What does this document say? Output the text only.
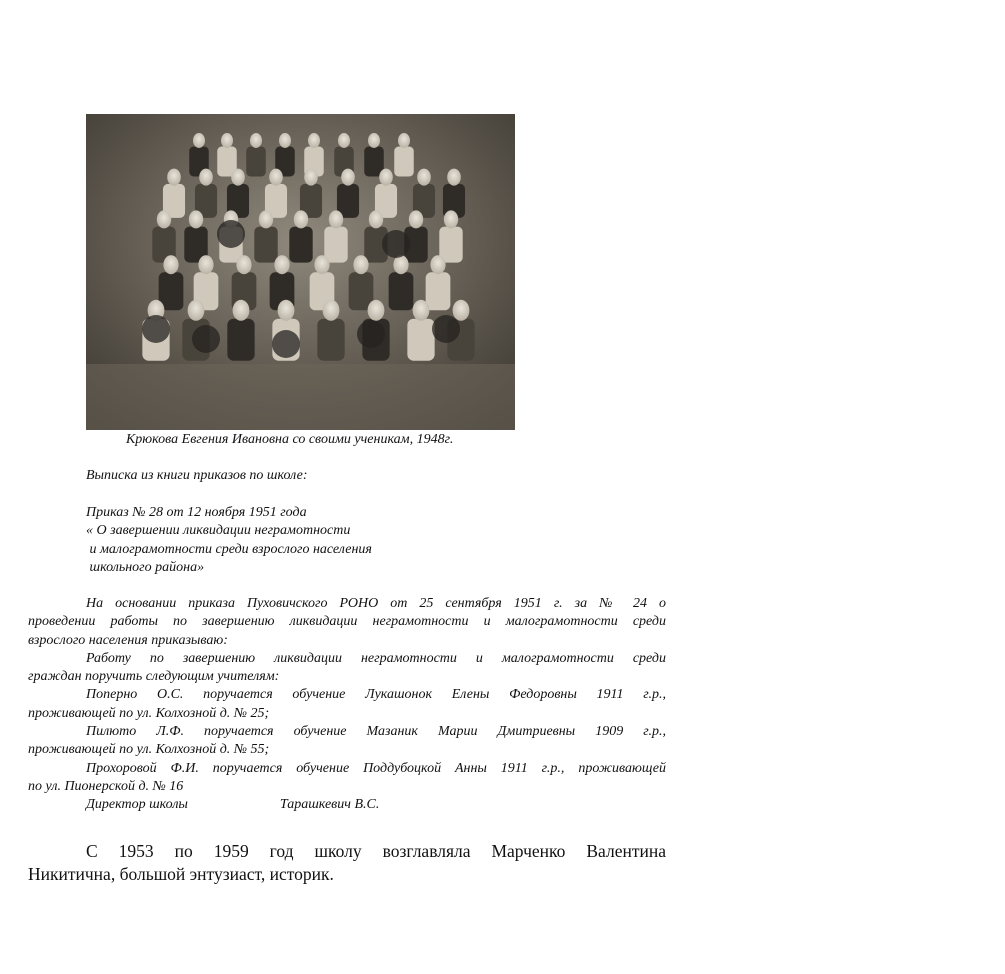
Крюкова Евгения Ивановна со своими ученикам, 1948г.
Выписка из книги приказов по школе:
Приказ № 28 от 12 ноября 1951 года
« О завершении ликвидации неграмотности
и малограмотности среди взрослого населения
школьного района»
На основании приказа Пуховичского РОНО от 25 сентября 1951 г. за № 24 о
проведении работы по завершению ликвидации неграмотности и малограмотности среди
взрослого населения приказываю:
Работу по завершению ликвидации неграмотности и малограмотности среди
граждан поручить следующим учителям:
Поперно О.С. поручается обучение Лукашонок Елены Федоровны 1911 г.р.,
проживающей по ул. Колхозной д. № 25;
Пилюто Л.Ф. поручается обучение Мазаник Марии Дмитриевны 1909 г.р.,
проживающей по ул. Колхозной д. № 55;
Прохоровой Ф.И. поручается обучение Поддубоцкой Анны 1911 г.р., проживающей
по ул. Пионерской д. № 16
Директор школы	Тарашкевич В.С.
С 1953 по 1959 год школу возглавляла Марченко Валентина
Никитична, большой энтузиаст, историк.
